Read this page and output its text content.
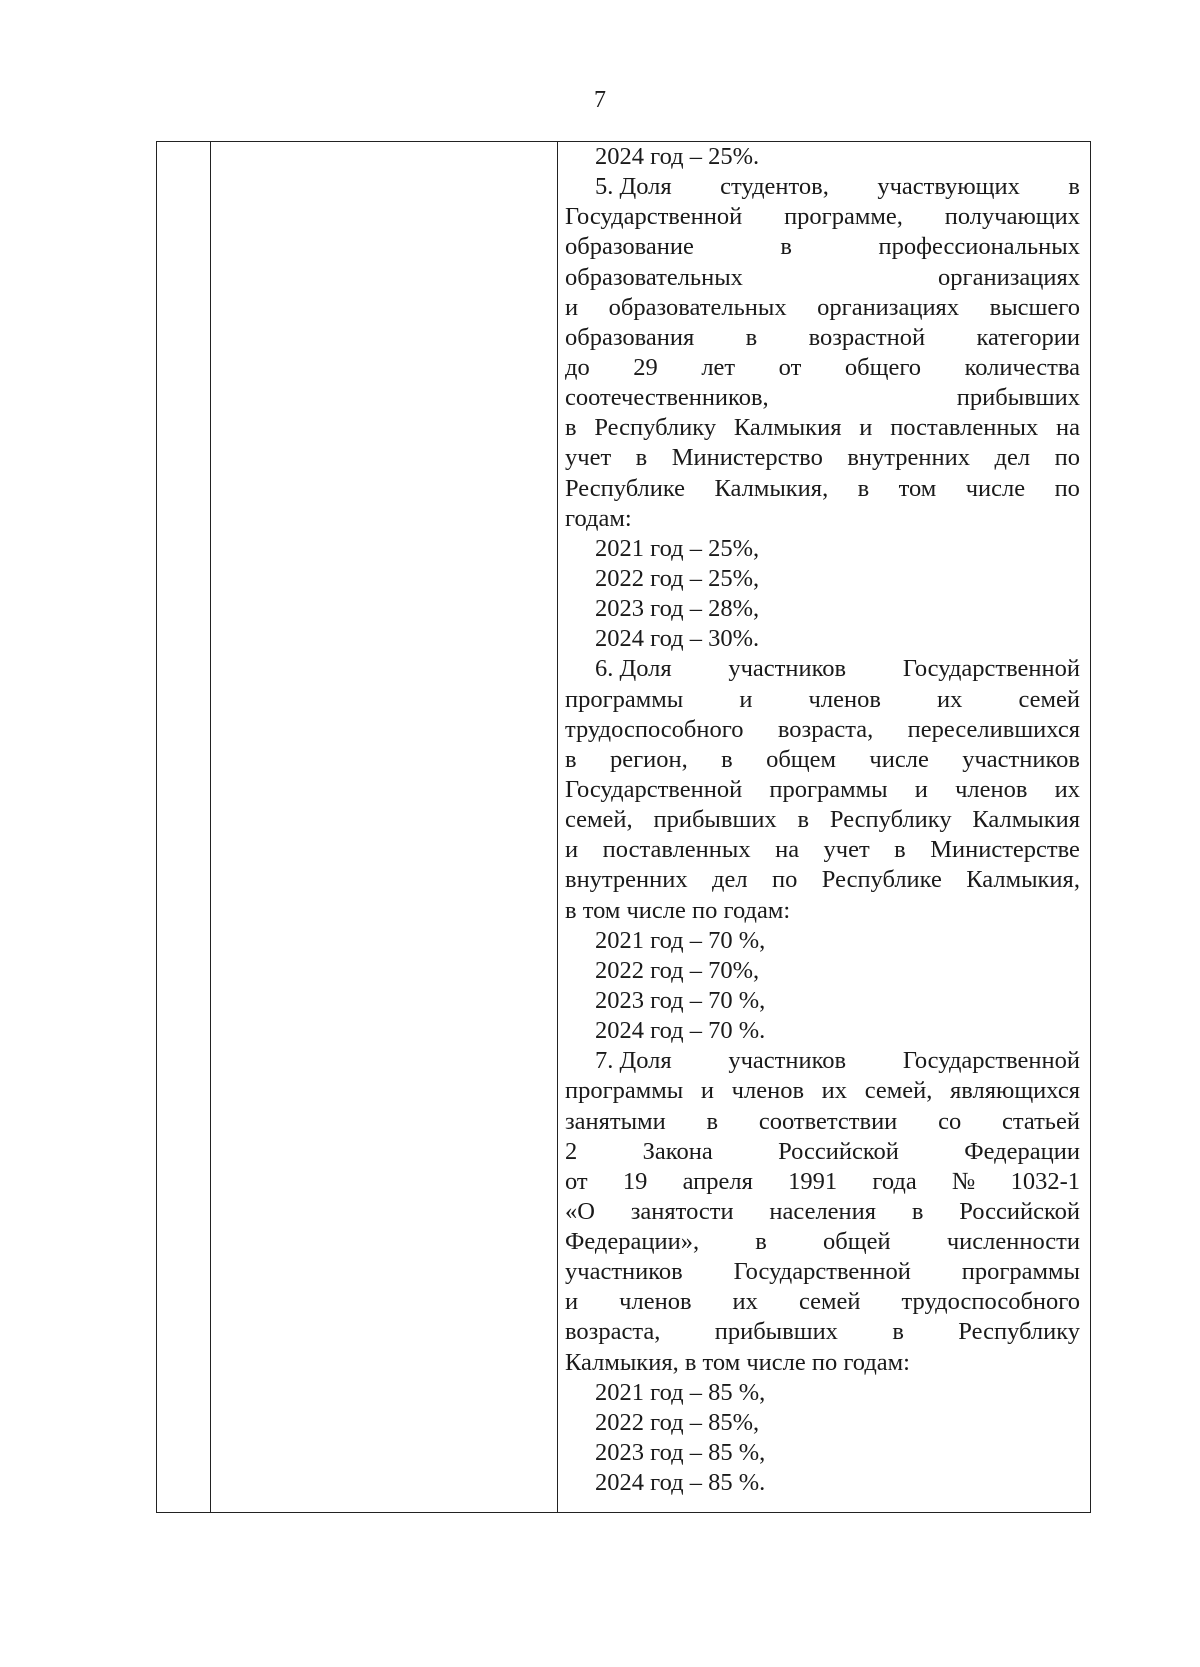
7
2024 год – 25%.
5. Доля студентов, участвующих в
Государственной программе, получающих
образование	в	профессиональных
образовательных	организациях
и образовательных организациях высшего
образования в возрастной категории
до 29 лет от общего количества
соотечественников,	прибывших
в Республику Калмыкия и поставленных на
учет в Министерство внутренних дел по
Республике Калмыкия, в том числе по
годам:
2021 год – 25%,
2022 год – 25%,
2023 год – 28%,
2024 год – 30%.
6. Доля участников Государственной
программы и членов их семей
трудоспособного возраста, переселившихся
в регион, в общем числе участников
Государственной программы и членов их
семей, прибывших в Республику Калмыкия
и поставленных на учет в Министерстве
внутренних дел по Республике Калмыкия,
в том числе по годам:
2021 год – 70 %,
2022 год – 70%,
2023 год – 70 %,
2024 год – 70 %.
7. Доля участников Государственной
программы и членов их семей, являющихся
занятыми в соответствии со статьей
2	Закона	Российской	Федерации
от 19 апреля 1991 года № 1032-1
«О занятости населения в Российской
Федерации», в общей численности
участников Государственной программы
и членов их семей трудоспособного
возраста, прибывших в Республику
Калмыкия, в том числе по годам:
2021 год – 85 %,
2022 год – 85%,
2023 год – 85 %,
2024 год – 85 %.
